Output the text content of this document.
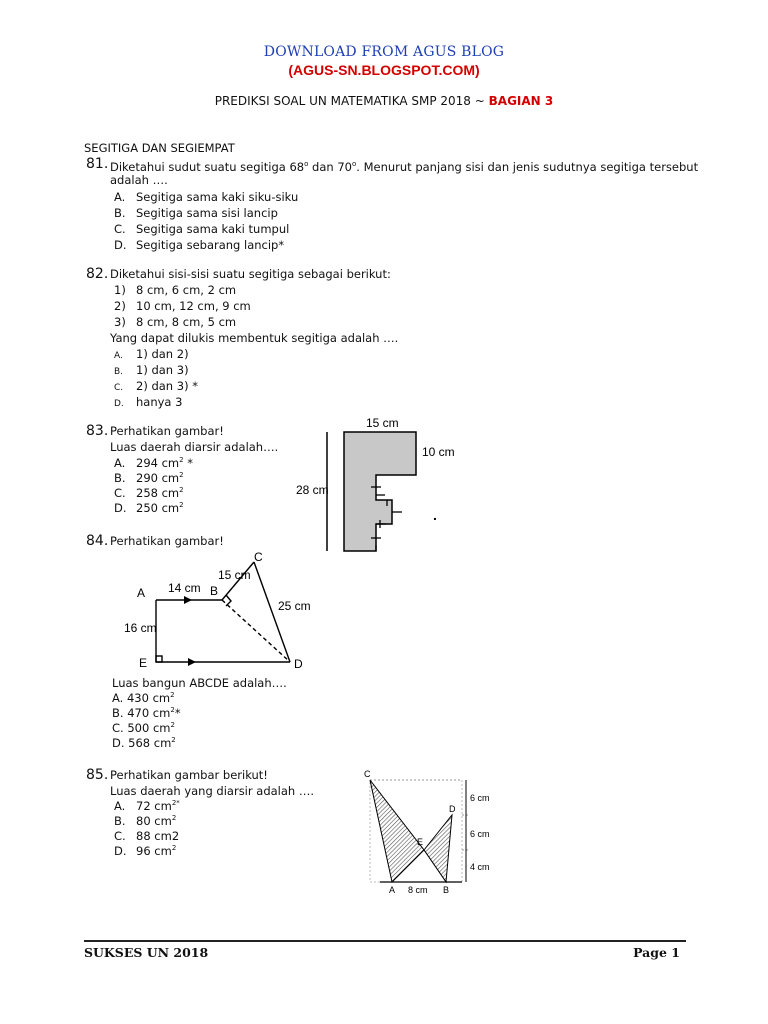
DOWNLOAD FROM AGUS BLOG
(AGUS-SN.BLOGSPOT.COM)
PREDIKSI SOAL UN MATEMATIKA SMP 2018 ~ BAGIAN 3
SEGITIGA DAN SEGIEMPAT
81. Diketahui sudut suatu segitiga 68$^o$ dan 70$^o$. Menurut panjang sisi dan jenis sudutnya segitiga tersebut
adalah ….
A. Segitiga sama kaki siku-siku
B. Segitiga sama sisi lancip
C. Segitiga sama kaki tumpul
D. Segitiga sebarang lancip*
82. Diketahui sisi-sisi suatu segitiga sebagai berikut:
1) 8 cm, 6 cm, 2 cm
2) 10 cm, 12 cm, 9 cm
3) 8 cm, 8 cm, 5 cm
Yang dapat dilukis membentuk segitiga adalah ….
A. 1) dan 2)
B. 1) dan 3)
C. 2) dan 3) *
D. hanya 3
83. Perhatikan gambar!
Luas daerah diarsir adalah….
A. 294 $cm^2$ *
B. 290 $cm^2$
C. 258 $cm^2$
D. 250 $cm^2$
15 cm
10 cm
28 cm
.
84. Perhatikan gambar!
A	B
C
D
E
14 cm
15 cm
25 cm
16 cm
Luas bangun ABCDE adalah….
A. 430 $cm^2$
B. 470 $cm^2*$
C. 500 $cm^2$
D. 568 $cm^2$
85. Perhatikan gambar berikut!
Luas daerah yang diarsir adalah ….
A. 72 $cm^{2*}$
B. 80 $cm^2$
C. 88 cm2
D. 96 $cm^2$
C
D
E
A	B
6 cm
6 cm
4 cm
8 cm
SUKSES UN 2018	Page 1
